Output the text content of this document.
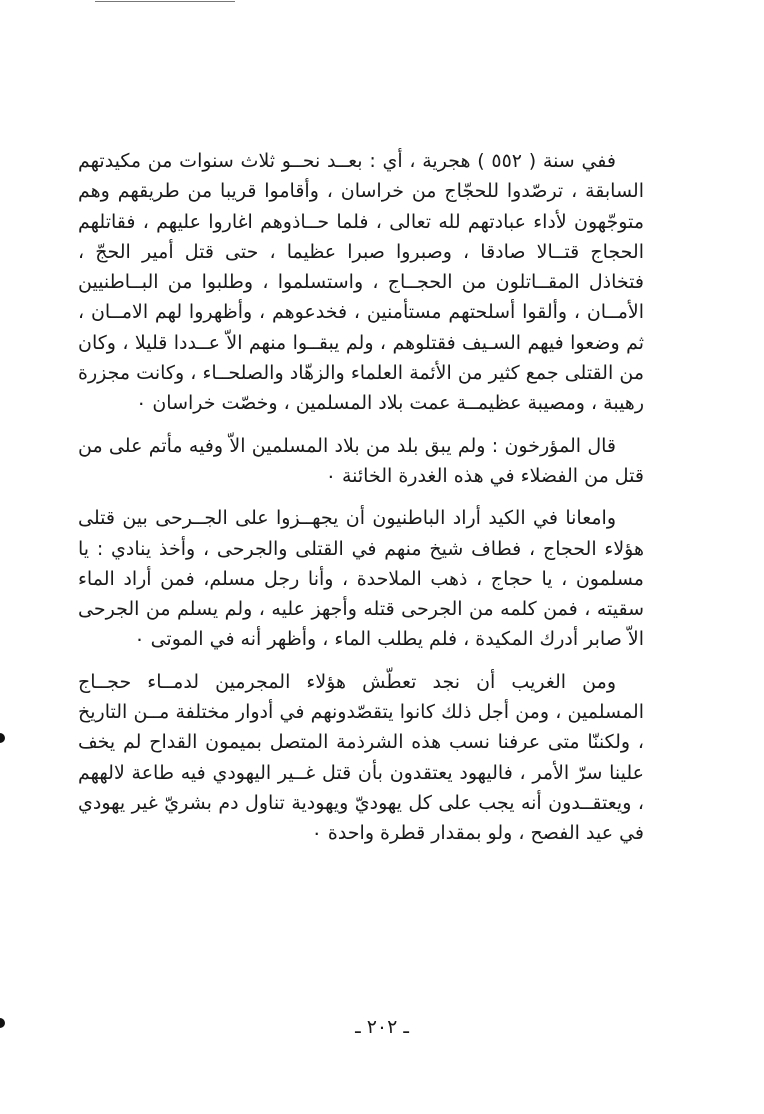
ففي سنة ( ٥٥٢ ) هجرية ، أي : بعــد نحــو ثلاث سنوات من مكيدتهم السابقة ، ترصّدوا للحجّاج من خراسان ، وأقاموا قريبا من طريقهم وهم متوجّهون لأداء عبادتهم لله تعالى ، فلما حــاذوهم اغاروا عليهم ، فقاتلهم الحجاج قتــالا صادقا ، وصبروا صبرا عظيما ، حتى قتل أمير الحجّ ، فتخاذل المقــاتلون من الحجــاج ، واستسلموا ، وطلبوا من البــاطنيين الأمــان ، وألقوا أسلحتهم مستأمنين ، فخدعوهم ، وأظهروا لهم الامــان ، ثم وضعوا فيهم السـيف فقتلوهم ، ولم يبقــوا منهم الاّ عــددا قليلا ، وكان من القتلى جمع كثير من الأئمة العلماء والزهّاد والصلحــاء ، وكانت مجزرة رهيبة ، ومصيبة عظيمــة عمت بلاد المسلمين ، وخصّت خراسان ٠

قال المؤرخون : ولم يبق بلد من بلاد المسلمين الاّ وفيه مأتم على من قتل من الفضلاء في هذه الغدرة الخائنة ٠

وامعانا في الكيد أراد الباطنيون أن يجهــزوا على الجــرحى بين قتلى هؤلاء الحجاج ، فطاف شيخ منهم في القتلى والجرحى ، وأخذ ينادي : يا مسلمون ، يا حجاج ، ذهب الملاحدة ، وأنا رجل مسلم، فمن أراد الماء سقيته ، فمن كلمه من الجرحى قتله وأجهز عليه ، ولم يسلم من الجرحى الاّ صابر أدرك المكيدة ، فلم يطلب الماء ، وأظهر أنه في الموتى ٠

ومن الغريب أن نجد تعطّش هؤلاء المجرمين لدمــاء حجــاج المسلمين ، ومن أجل ذلك كانوا يتقصّدونهم في أدوار مختلفة مــن التاريخ ، ولكننّا متى عرفنا نسب هذه الشرذمة المتصل بميمون القداح لم يخف علينا سرّ الأمر ، فاليهود يعتقدون بأن قتل غــير اليهودي فيه طاعة لالههم ، ويعتقــدون أنه يجب على كل يهوديّ ويهودية تناول دم بشريّ غير يهودي في عيد الفصح ، ولو بمقدار قطرة واحدة ٠

ـ ٢٠٢ ـ
